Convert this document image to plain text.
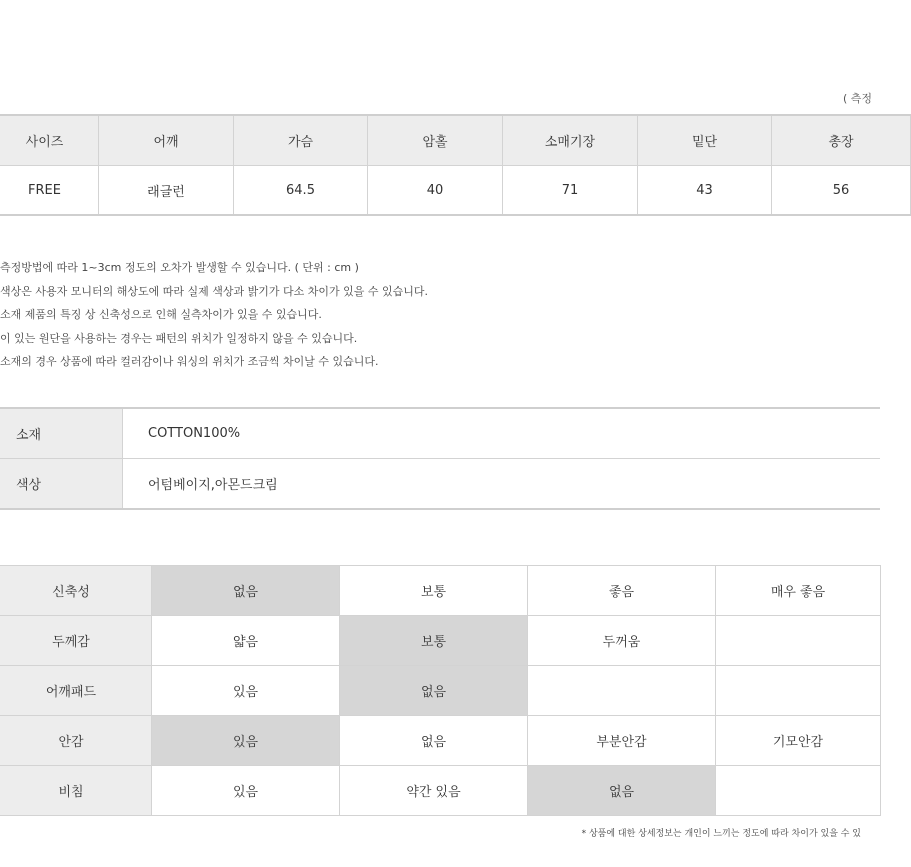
( 측정
사이즈	어깨	가슴	암홀	소매기장	밑단	총장
FREE	래글런	64.5	40	71	43	56
측정방법에 따라 1~3cm 정도의 오차가 발생할 수 있습니다. ( 단위 : cm )
색상은 사용자 모니터의 해상도에 따라 실제 색상과 밝기가 다소 차이가 있을 수 있습니다.
소재 제품의 특징 상 신축성으로 인해 실측차이가 있을 수 있습니다.
이 있는 원단을 사용하는 경우는 패턴의 위치가 일정하지 않을 수 있습니다.
소재의 경우 상품에 따라 컬러감이나 워싱의 위치가 조금씩 차이날 수 있습니다.
소재	COTTON100%
색상	어텀베이지,아몬드크림
신축성	없음	보통	좋음	매우 좋음
두께감	얇음	보통	두꺼움	
어깨패드	있음	없음		
안감	있음	없음	부분안감	기모안감
비침	있음	약간 있음	없음	
* 상품에 대한 상세정보는 개인이 느끼는 정도에 따라 차이가 있을 수 있
